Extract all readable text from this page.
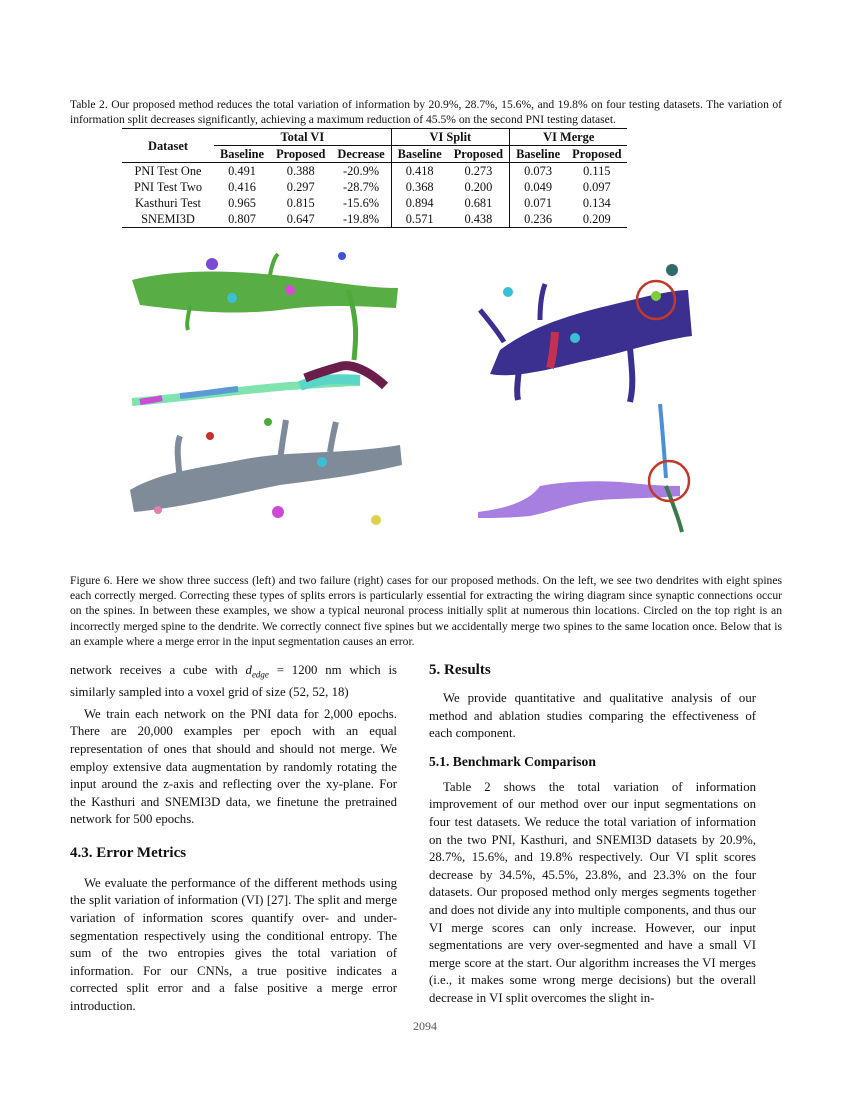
Table 2. Our proposed method reduces the total variation of information by 20.9%, 28.7%, 15.6%, and 19.8% on four testing datasets. The variation of information split decreases significantly, achieving a maximum reduction of 45.5% on the second PNI testing dataset.
Dataset	Total VI			VI Split		VI Merge	
	Baseline	Proposed	Decrease	Baseline	Proposed	Baseline	Proposed
PNI Test One	0.491	0.388	-20.9%	0.418	0.273	0.073	0.115
PNI Test Two	0.416	0.297	-28.7%	0.368	0.200	0.049	0.097
Kasthuri Test	0.965	0.815	-15.6%	0.894	0.681	0.071	0.134
SNEMI3D	0.807	0.647	-19.8%	0.571	0.438	0.236	0.209
Figure 6. Here we show three success (left) and two failure (right) cases for our proposed methods. On the left, we see two dendrites with eight spines each correctly merged. Correcting these types of splits errors is particularly essential for extracting the wiring diagram since synaptic connections occur on the spines. In between these examples, we show a typical neuronal process initially split at numerous thin locations. Circled on the top right is an incorrectly merged spine to the dendrite. We correctly connect five spines but we accidentally merge two spines to the same location once. Below that is an example where a merge error in the input segmentation causes an error.

network receives a cube with $d_{edge} = 1200$ nm which is similarly sampled into a voxel grid of size (52, 52, 18)

We train each network on the PNI data for 2,000 epochs. There are 20,000 examples per epoch with an equal representation of ones that should and should not merge. We employ extensive data augmentation by randomly rotating the input around the z-axis and reflecting over the xy-plane. For the Kasthuri and SNEMI3D data, we finetune the pretrained network for 500 epochs.

4.3. Error Metrics

We evaluate the performance of the different methods using the split variation of information (VI) [27]. The split and merge variation of information scores quantify over- and under-segmentation respectively using the conditional entropy. The sum of the two entropies gives the total variation of information. For our CNNs, a true positive indicates a corrected split error and a false positive a merge error introduction.

5. Results

We provide quantitative and qualitative analysis of our method and ablation studies comparing the effectiveness of each component.

5.1. Benchmark Comparison

Table 2 shows the total variation of information improvement of our method over our input segmentations on four test datasets. We reduce the total variation of information on the two PNI, Kasthuri, and SNEMI3D datasets by 20.9%, 28.7%, 15.6%, and 19.8% respectively. Our VI split scores decrease by 34.5%, 45.5%, 23.8%, and 23.3% on the four datasets. Our proposed method only merges segments together and does not divide any into multiple components, and thus our VI merge scores can only increase. However, our input segmentations are very over-segmented and have a small VI merge score at the start. Our algorithm increases the VI merges (i.e., it makes some wrong merge decisions) but the overall decrease in VI split overcomes the slight in-

2094
